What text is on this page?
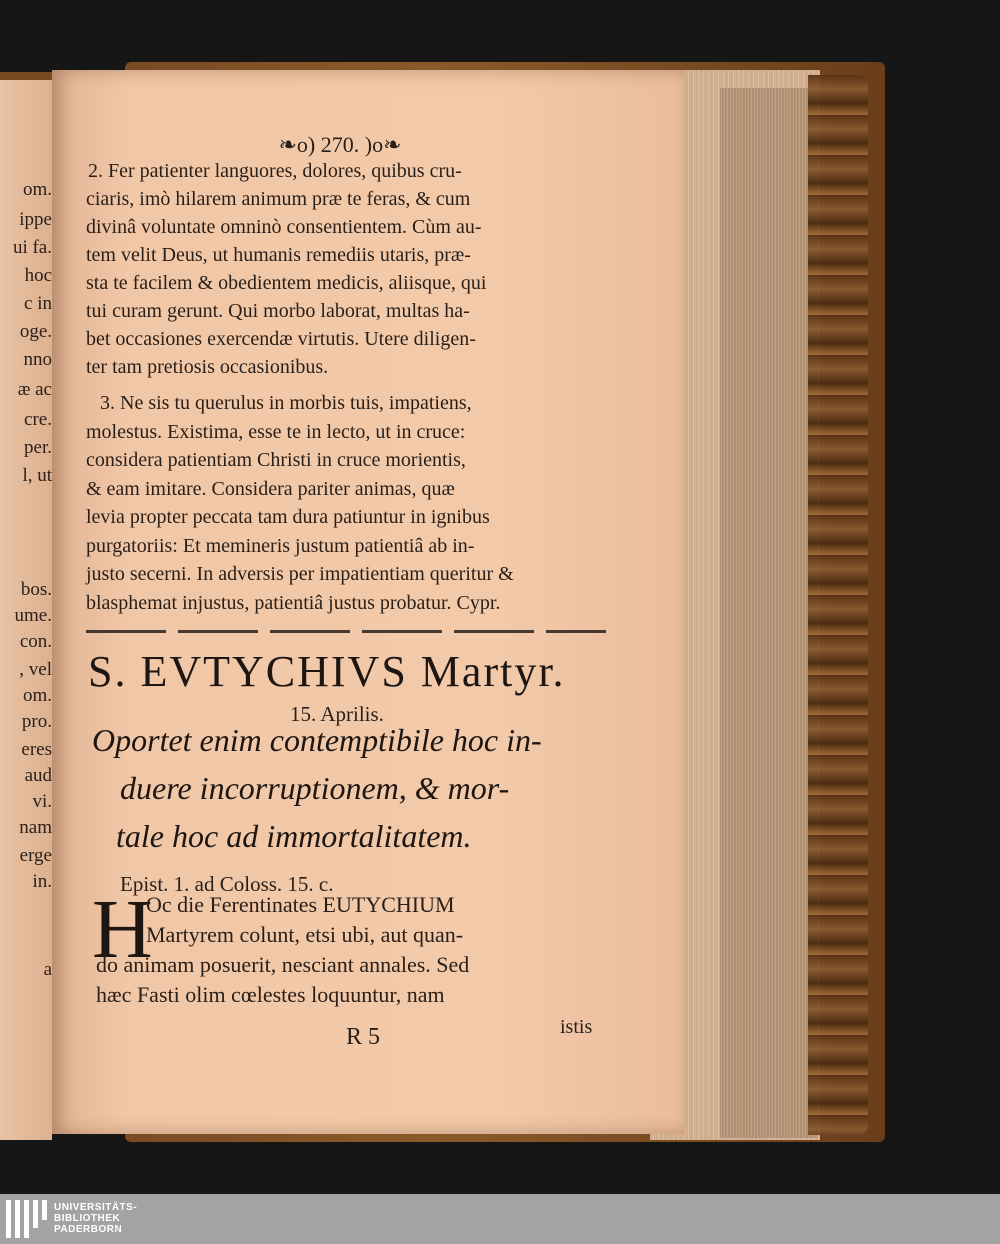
om.
ippe
ui fa.
hoc
c in
oge.
nno
æ ac
cre.
per.
l, ut
bos.
ume.
con.
, vel
om.
pro.
eres
aud
vi.
nam
erge
in.
a
❧o) 270. )o❧
2. Fer patienter languores, dolores, quibus cru-
ciaris, imò hilarem animum præ te feras, & cum
divinâ voluntate omninò consentientem. Cùm au-
tem velit Deus, ut humanis remediis utaris, præ-
sta te facilem & obedientem medicis, aliisque, qui
tui curam gerunt. Qui morbo laborat, multas ha-
bet occasiones exercendæ virtutis. Utere diligen-
ter tam pretiosis occasionibus.
3. Ne sis tu querulus in morbis tuis, impatiens,
molestus. Existima, esse te in lecto, ut in cruce:
considera patientiam Christi in cruce morientis,
& eam imitare. Considera pariter animas, quæ
levia propter peccata tam dura patiuntur in ignibus
purgatoriis: Et memineris justum patientiâ ab in-
justo secerni. In adversis per impatientiam queritur &
blasphemat injustus, patientiâ justus probatur. Cypr.
S. EVTYCHIVS Martyr.
15. Aprilis.
Oportet enim contemptibile hoc in-
duere incorruptionem, & mor-
tale hoc ad immortalitatem.
Epist. 1. ad Coloss. 15. c.
H
Oc die Ferentinates EUTYCHIUM
Martyrem colunt, etsi ubi, aut quan-
do animam posuerit, nesciant annales. Sed
hæc Fasti olim cœlestes loquuntur, nam
R 5	istis
UNIVERSITÄTS-
BIBLIOTHEK
PADERBORN
